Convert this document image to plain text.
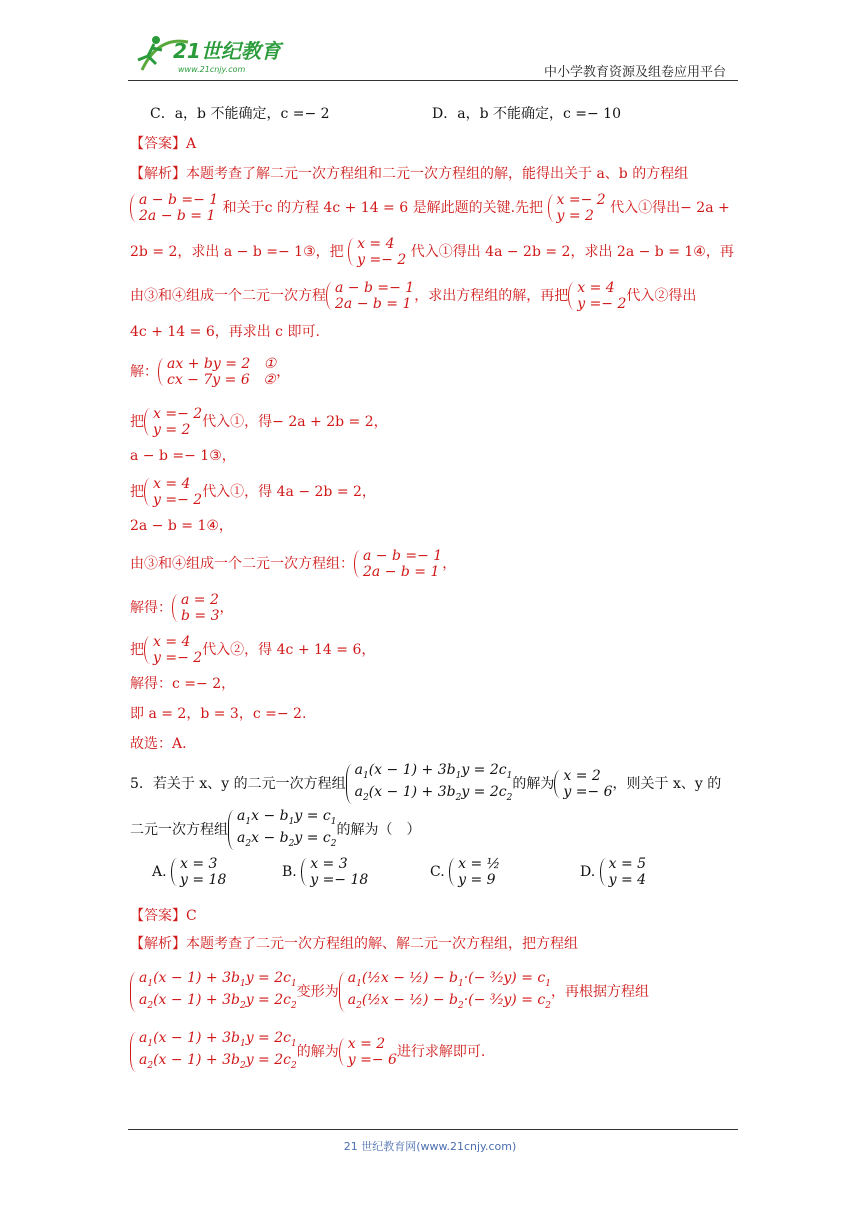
21世纪教育
www.21cnjy.com	中小学教育资源及组卷应用平台
C．a，b 不能确定，c =− 2	D．a，b 不能确定，c =− 10
【答案】A
【解析】本题考查了解二元一次方程组和二元一次方程组的解，能得出关于 a、b 的方程组
a − b =− 1
2a − b = 1 和关于c 的方程 4c + 14 = 6 是解此题的关键.先把 x =− 2
y = 2	代入①得出− 2a +
2b = 2，求出 a − b =− 1③，把 x = 4
y =− 2 代入①得出 4a − 2b = 2，求出 2a − b = 1④，再
由③和④组成一个二元一次方程 a − b =− 1
2a − b = 1 ，求出方程组的解，再把 x = 4
y =− 2 代入②得出
4c + 14 = 6，再求出 c 即可.
解： ax + by = 2   ①
cx − 7y = 6   ② ，
把 x =− 2
y = 2 代入①，得− 2a + 2b = 2，
a − b =− 1③，
把 x = 4
y =− 2 代入①，得 4a − 2b = 2，
2a − b = 1④，
由③和④组成一个二元一次方程组： a − b =− 1
2a − b = 1 ，
解得： a = 2
b = 3 ，
把 x = 4
y =− 2 代入②，得 4c + 14 = 6，
解得：c =− 2，
即 a = 2，b = 3，c =− 2.
故选：A.
5．若关于 x、y 的二元一次方程组
$a_1(x - 1) + 3b_1y = 2c_1$
$a_2(x - 1) + 3b_2y = 2c_2$
的解为 x = 2
y =− 6 ，则关于 x、y 的
二元一次方程组
$a_1x - b_1y = c_1$
$a_2x - b_2y = c_2$
的解为（　）
A. x = 3
y = 18	B. x = 3
y =− 18	C. x = ½
y = 9	D. x = 5
y = 4
【答案】C
【解析】本题考查了二元一次方程组的解、解二元一次方程组，把方程组
$a_1(x - 1) + 3b_1y = 2c_1$
$a_2(x - 1) + 3b_2y = 2c_2$
变形为
$a_1(\frac{1}{2}x$ − ½) − $b_1\cdot(-$ ³⁄₂y) = $c_1$
$a_2(\frac{1}{2}x$ − ½) − $b_2\cdot(-$ ³⁄₂y) = $c_2$
，再根据方程组
$a_1(x - 1) + 3b_1y = 2c_1$
$a_2(x - 1) + 3b_2y = 2c_2$
的解为 x = 2
y =− 6 进行求解即可.
21 世纪教育网(www.21cnjy.com)
